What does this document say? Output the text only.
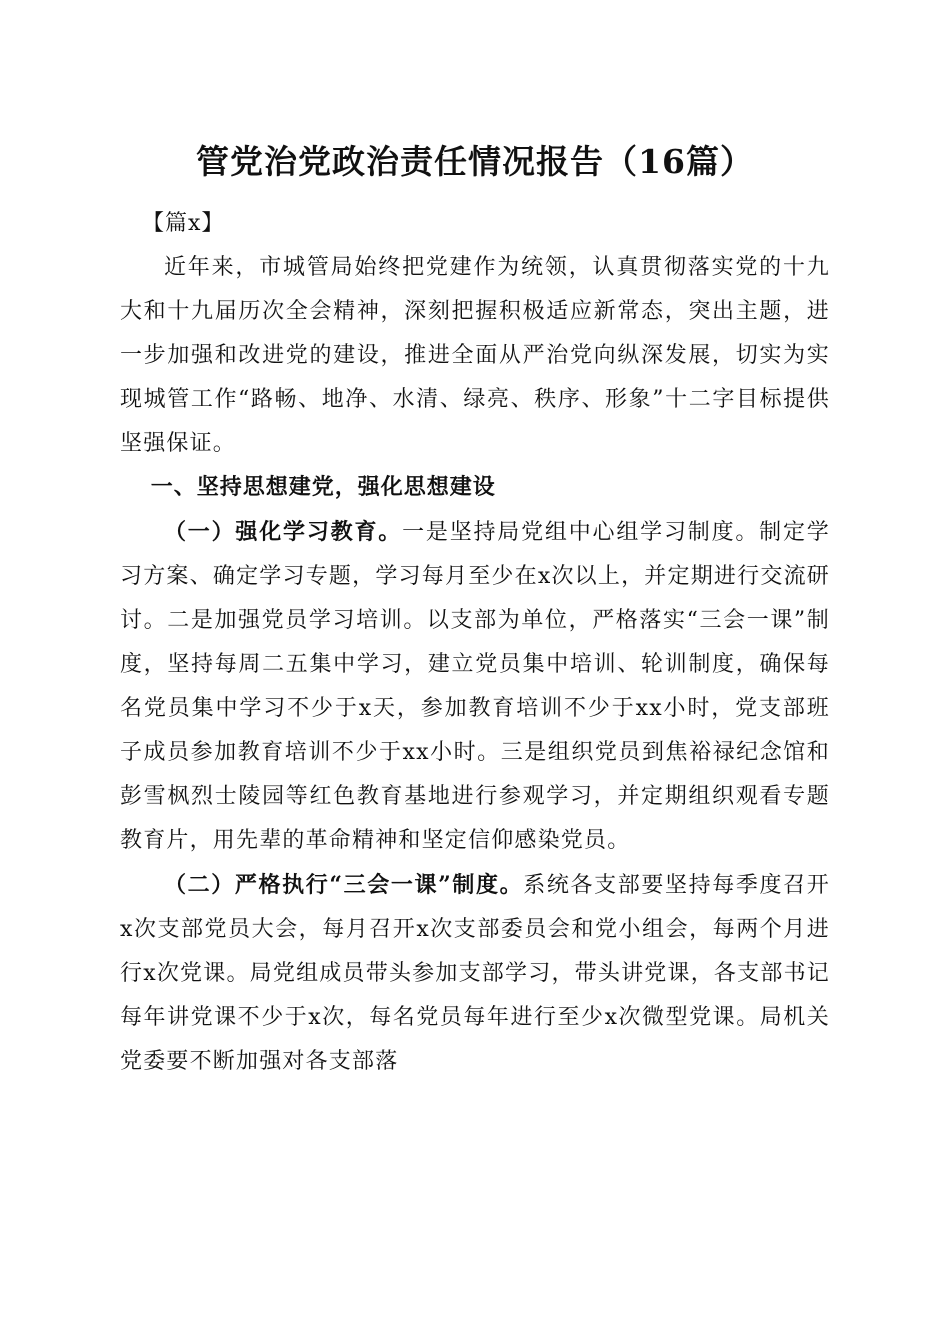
管党治党政治责任情况报告（16篇）

【篇x】

近年来，市城管局始终把党建作为统领，认真贯彻落实党的十九大和十九届历次全会精神，深刻把握积极适应新常态，突出主题，进一步加强和改进党的建设，推进全面从严治党向纵深发展，切实为实现城管工作“路畅、地净、水清、绿亮、秩序、形象”十二字目标提供坚强保证。

一、坚持思想建党，强化思想建设

（一）强化学习教育。一是坚持局党组中心组学习制度。制定学习方案、确定学习专题，学习每月至少在x次以上，并定期进行交流研讨。二是加强党员学习培训。以支部为单位，严格落实“三会一课”制度，坚持每周二五集中学习，建立党员集中培训、轮训制度，确保每名党员集中学习不少于x天，参加教育培训不少于xx小时，党支部班子成员参加教育培训不少于xx小时。三是组织党员到焦裕禄纪念馆和彭雪枫烈士陵园等红色教育基地进行参观学习，并定期组织观看专题教育片，用先辈的革命精神和坚定信仰感染党员。

（二）严格执行“三会一课”制度。系统各支部要坚持每季度召开x次支部党员大会，每月召开x次支部委员会和党小组会，每两个月进行x次党课。局党组成员带头参加支部学习，带头讲党课，各支部书记每年讲党课不少于x次，每名党员每年进行至少x次微型党课。局机关党委要不断加强对各支部落
